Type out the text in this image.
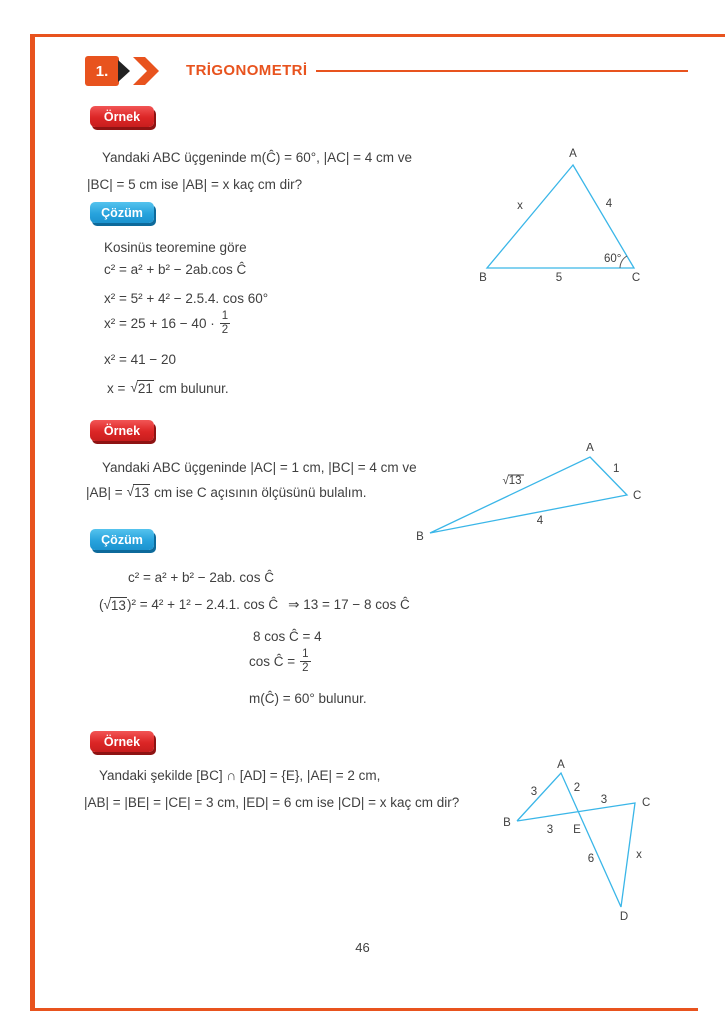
1.	TRİGONOMETRİ
Örnek
Yandaki ABC üçgeninde m(Ĉ) = 60°, |AC| = 4 cm ve
|BC| = 5 cm ise |AB| = x kaç cm dir?
A
B	C
x	4
5
60°
Çözüm
Kosinüs teoremine göre
c² = a² + b² − 2ab.cos Ĉ
x² = 5² + 4² − 2.5.4. cos 60°
$x^2 = 25 + 16 - 40 \cdot \frac{1}{2}$
x² = 41 − 20
x = √ 21 cm bulunur.
Örnek
Yandaki ABC üçgeninde |AC| = 1 cm, |BC| = 4 cm ve
|AB| = √ 13 cm ise C açısının ölçüsünü bulalım.
A
1
C
√13
4
B
Çözüm
c² = a² + b² − 2ab. cos Ĉ
( √ 13 )² = 4² + 1² − 2.4.1. cos Ĉ ⇒ 13 = 17 − 8 cos Ĉ
8 cos Ĉ = 4
cos Ĉ = $\frac{1}{2}$
m(Ĉ) = 60° bulunur.
Örnek
Yandaki şekilde [BC] ∩ [AD] = {E}, |AE| = 2 cm,
|AB| = |BE| = |CE| = 3 cm, |ED| = 6 cm ise |CD| = x kaç cm dir?
A
3	2
3	C
B
3 E
6	x
D
46
